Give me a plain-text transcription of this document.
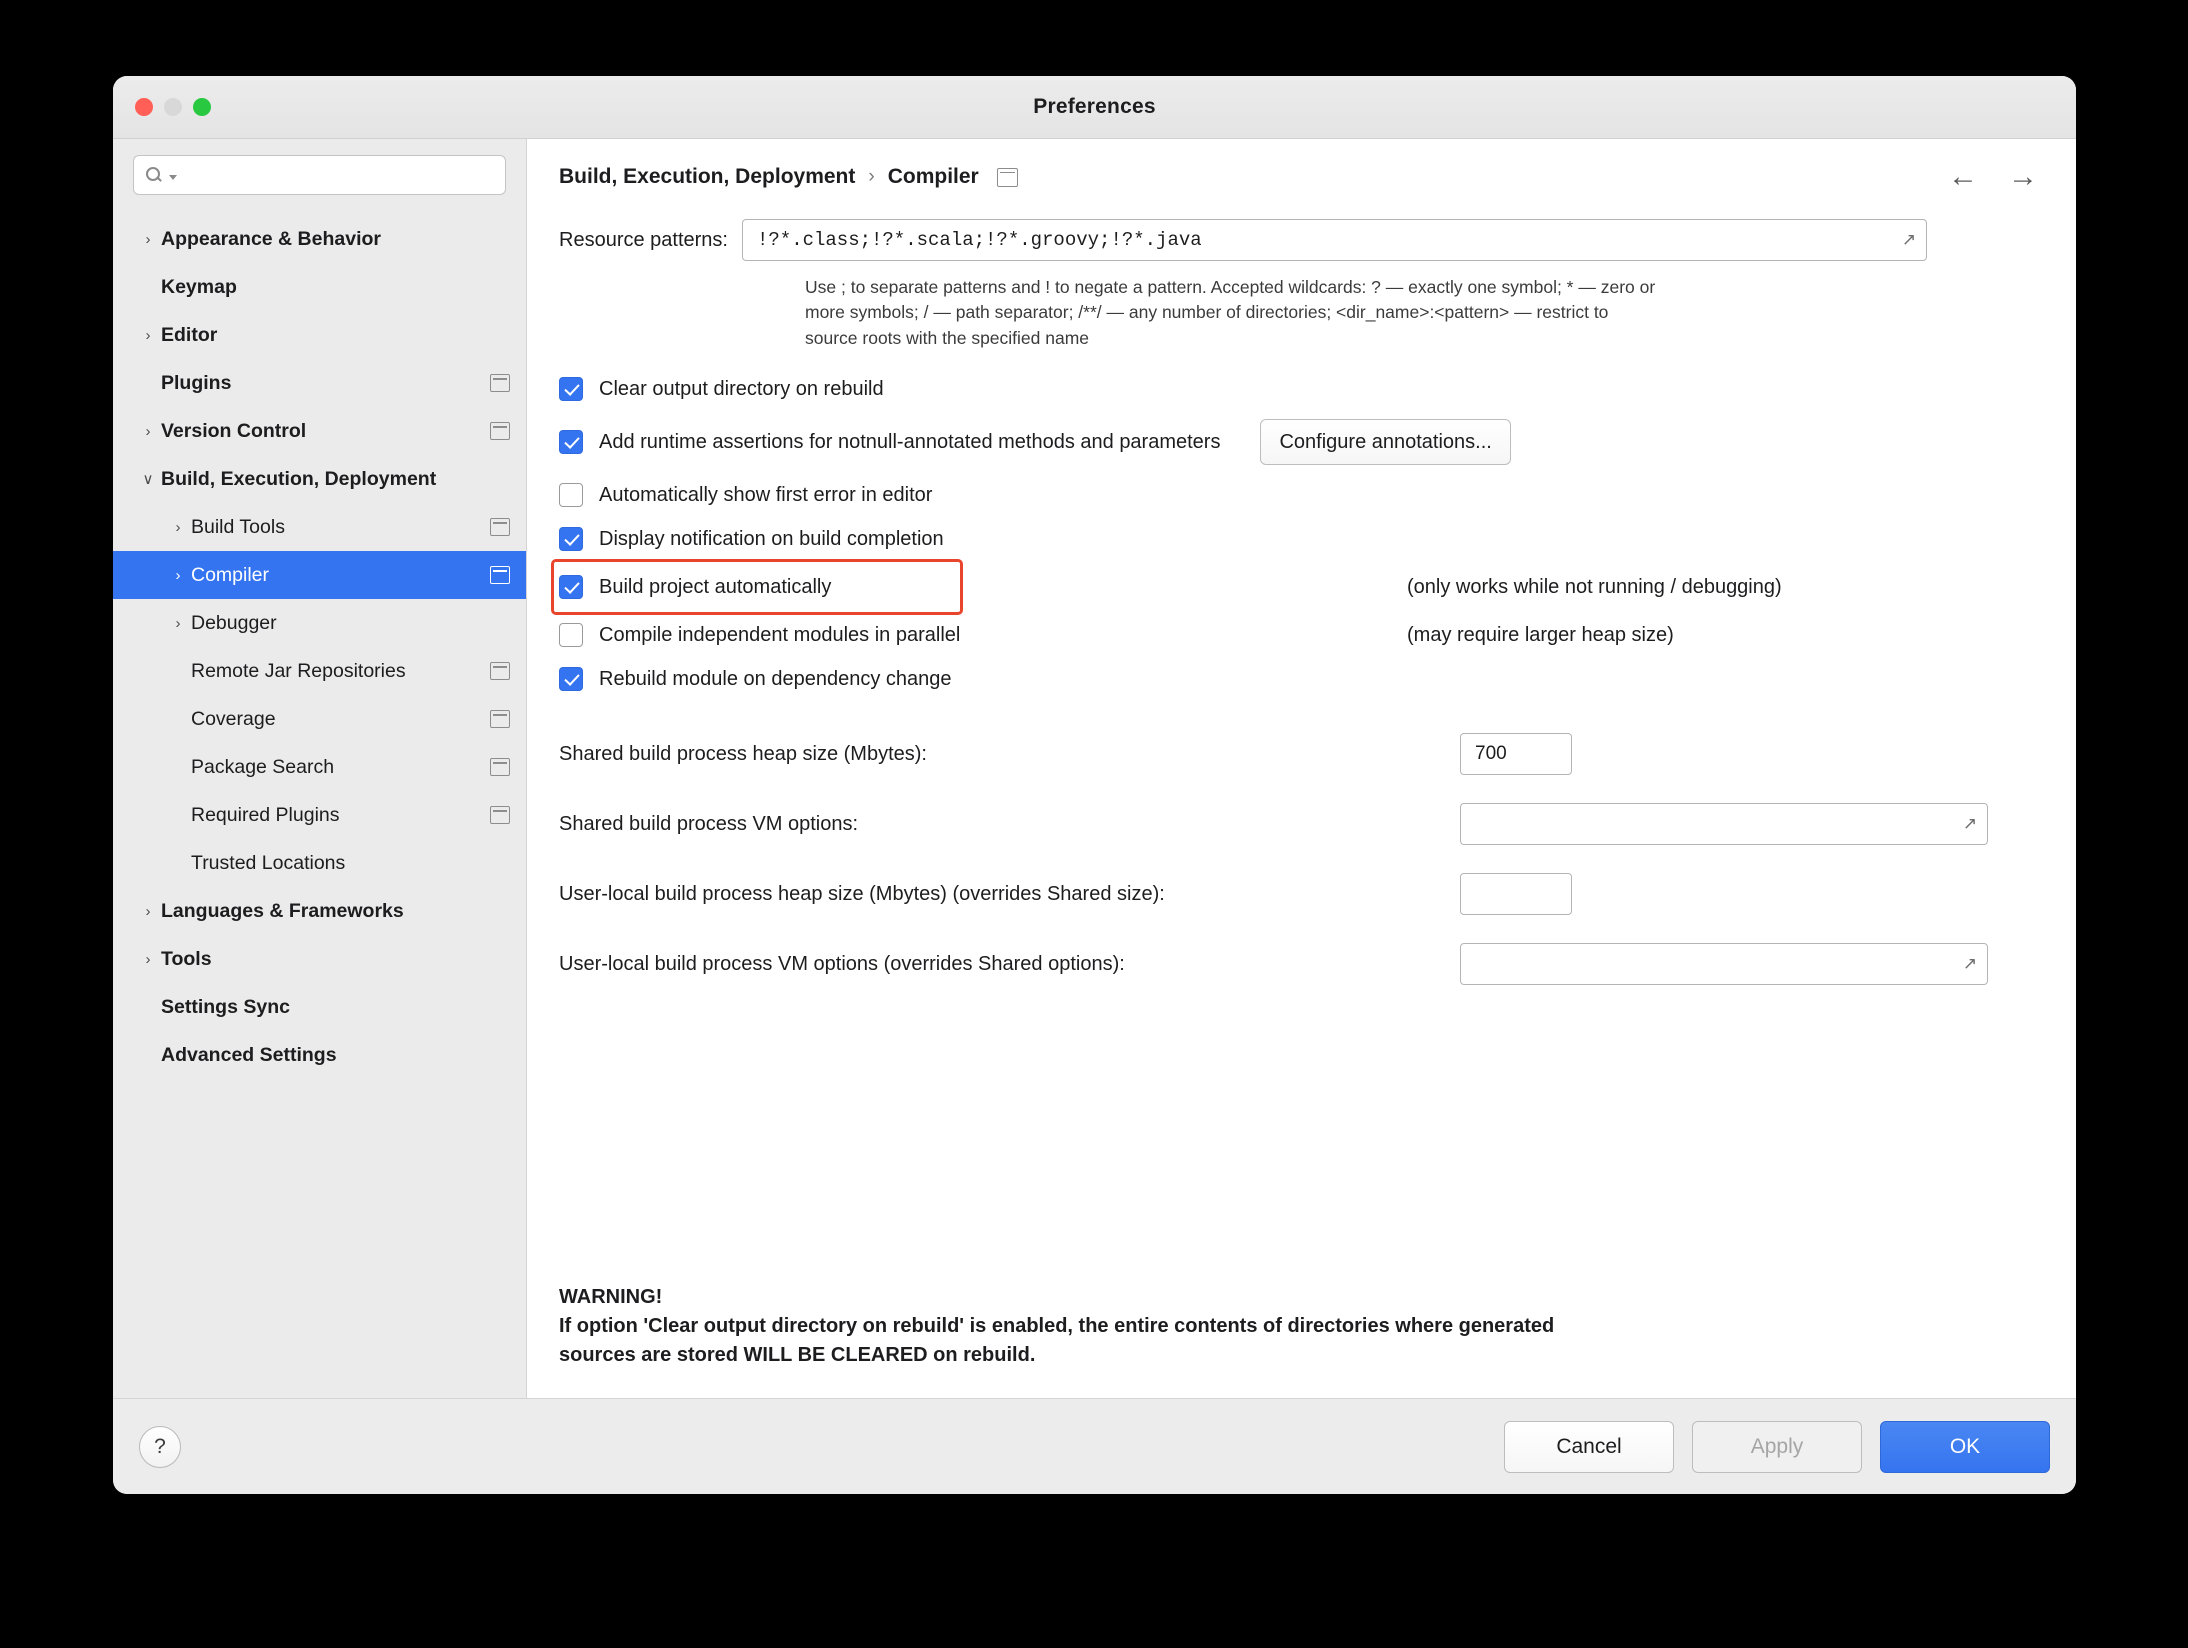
Preferences
› Appearance & Behavior
Keymap
› Editor
Plugins
› Version Control
∨ Build, Execution, Deployment
› Build Tools
› Compiler
› Debugger
Remote Jar Repositories
Coverage
Package Search
Required Plugins
Trusted Locations
› Languages & Frameworks
› Tools
Settings Sync
Advanced Settings
Build, Execution, Deployment › Compiler	← →
Resource patterns:
!?*.class;!?*.scala;!?*.groovy;!?*.java	↗
Use ; to separate patterns and ! to negate a pattern. Accepted wildcards: ? — exactly one symbol; * — zero or
more symbols; / — path separator; /**/ — any number of directories; <dir_name>:<pattern> — restrict to
source roots with the specified name
Clear output directory on rebuild
Add runtime assertions for notnull-annotated methods and parameters	Configure annotations...
Automatically show first error in editor
Display notification on build completion
Build project automatically	(only works while not running / debugging)
Compile independent modules in parallel	(may require larger heap size)
Rebuild module on dependency change
Shared build process heap size (Mbytes):
700
Shared build process VM options:	↗
User-local build process heap size (Mbytes) (overrides Shared size):
User-local build process VM options (overrides Shared options):	↗
WARNING!
If option 'Clear output directory on rebuild' is enabled, the entire contents of directories where generated
sources are stored WILL BE CLEARED on rebuild.
?	Cancel	Apply	OK
